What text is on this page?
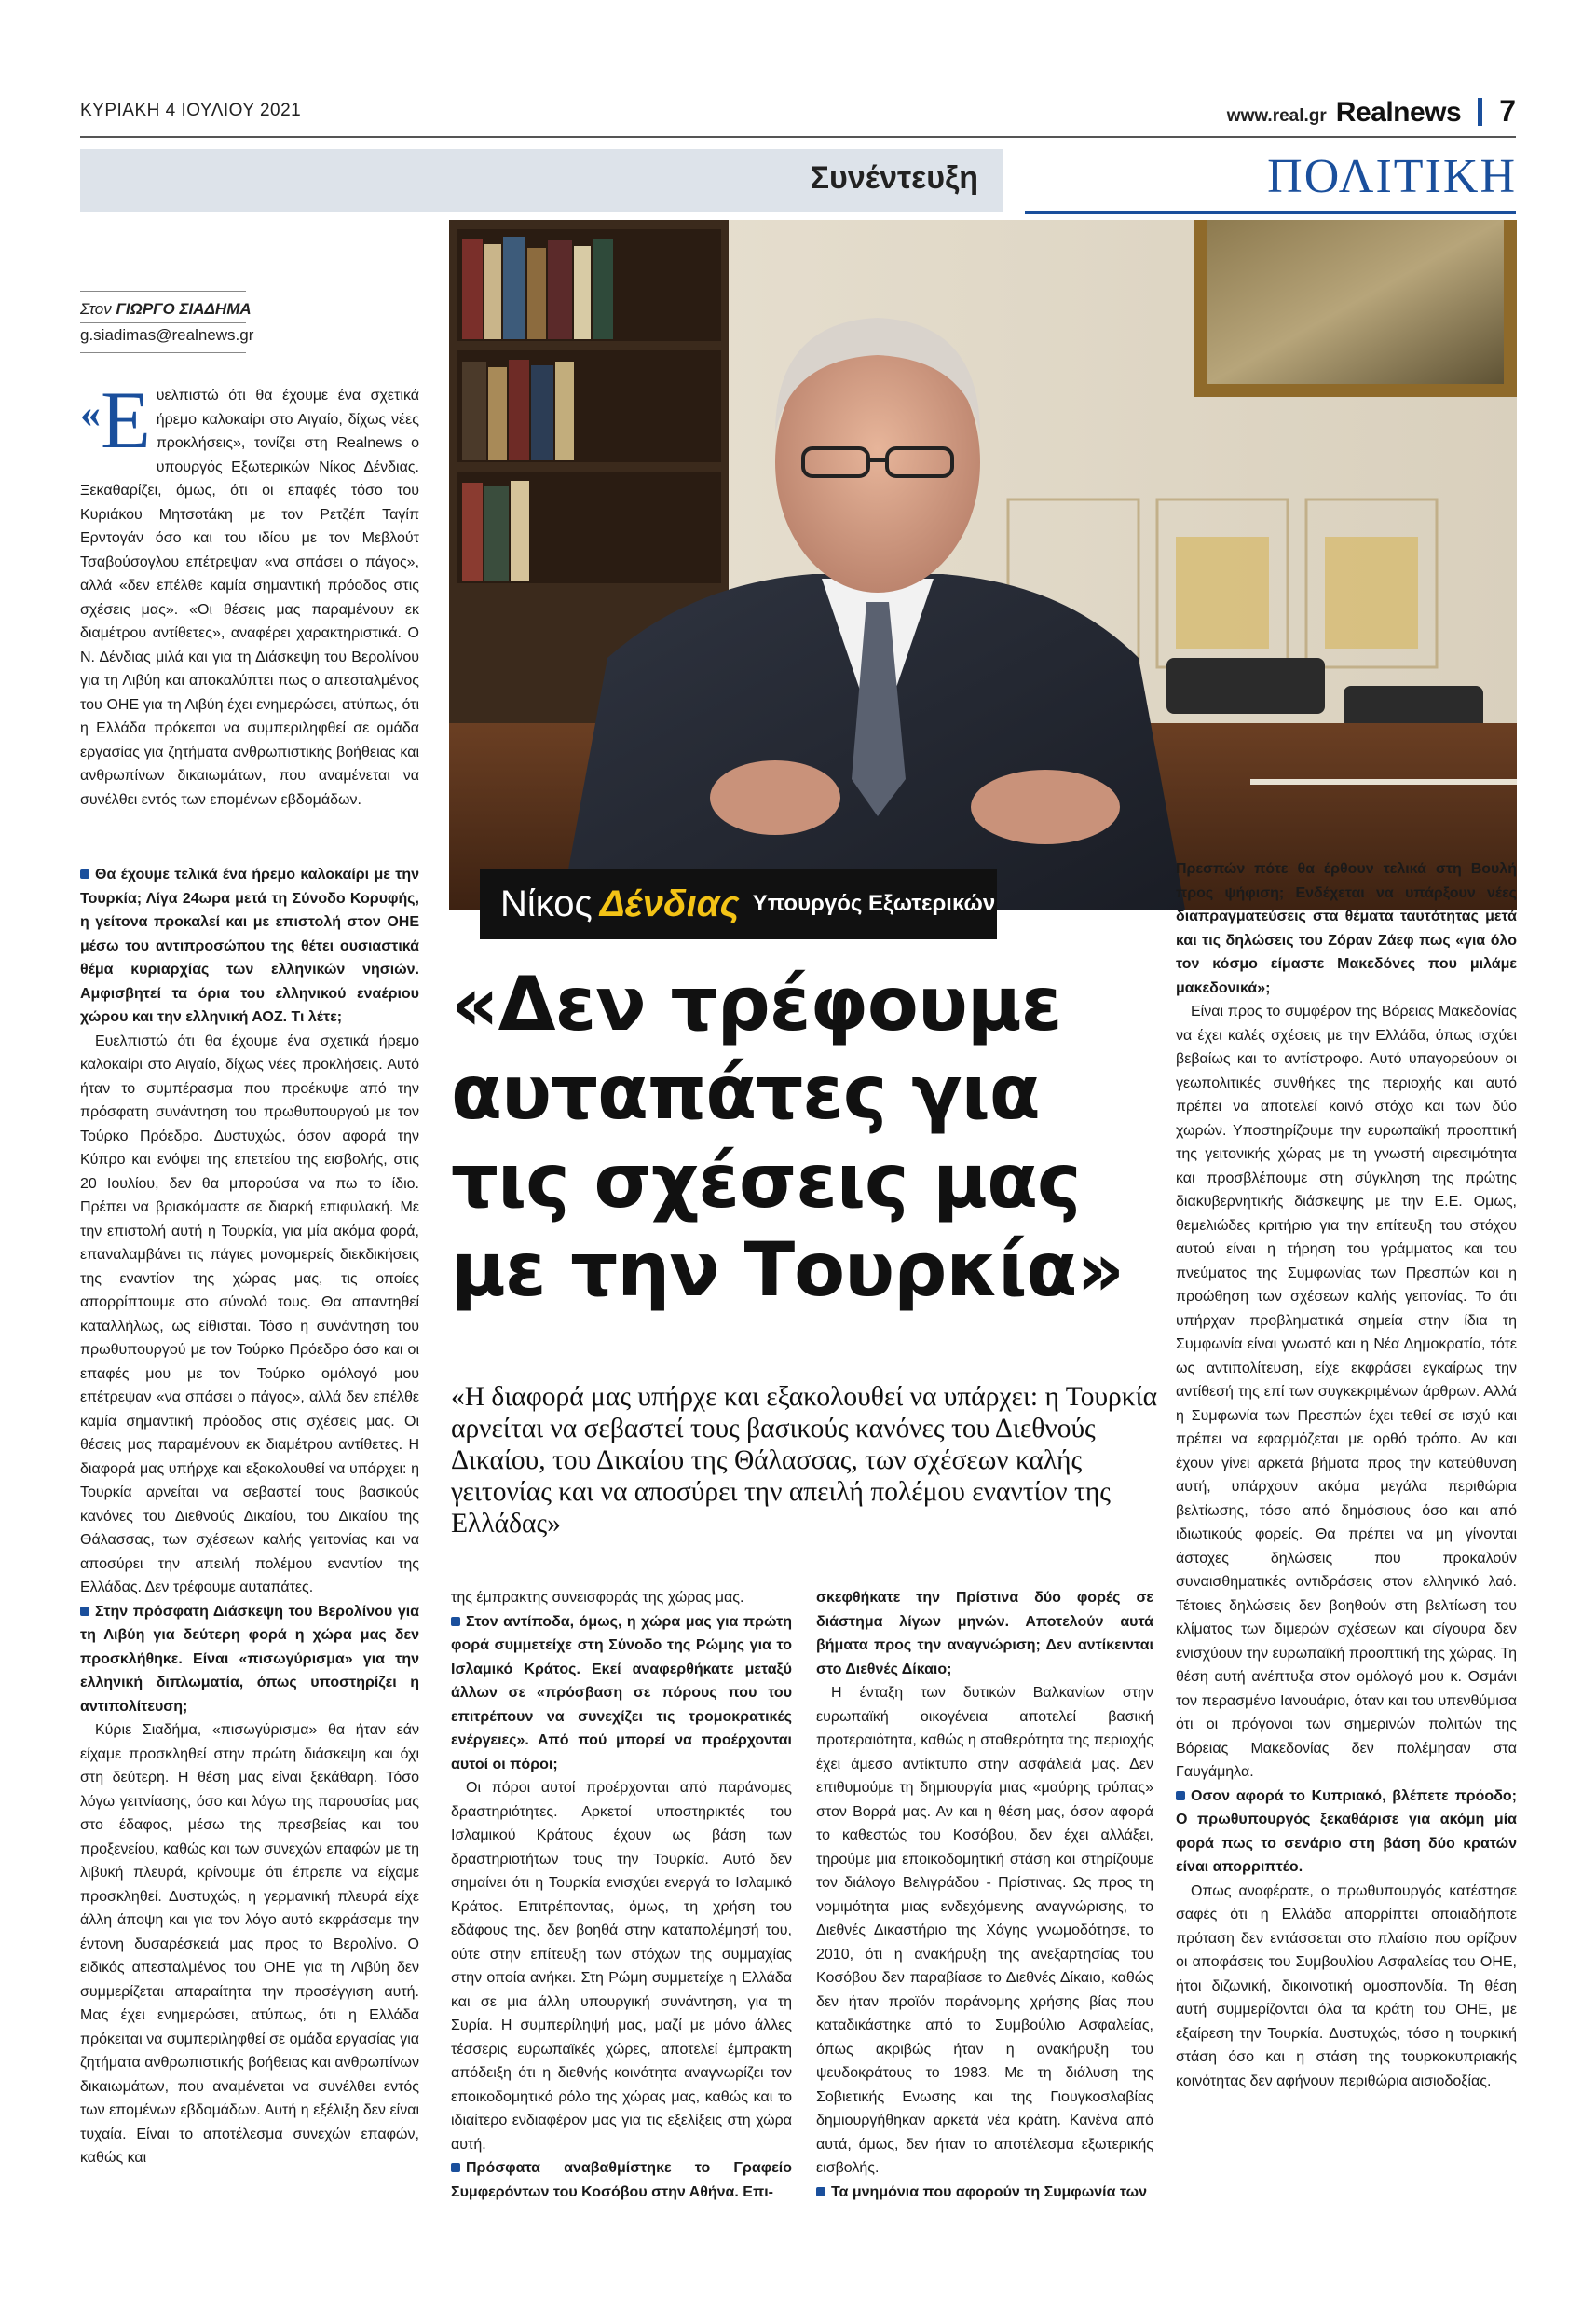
ΚΥΡΙΑΚΗ 4 ΙΟΥΛΙΟΥ 2021	www.real.gr Realnews 7
Συνέντευξη	ΠΟΛΙΤΙΚΗ
Στον ΓΙΩΡΓΟ ΣΙΑΔΗΜΑ
g.siadimas@realnews.gr
Νίκος Δένδιας Υπουργός Εξωτερικών
«Δεν τρέφουμε
αυταπάτες για
τις σχέσεις μας
με την Τουρκία»
«Η διαφορά μας υπήρχε και εξακολουθεί να υπάρχει: η Τουρκία αρνείται να σεβαστεί τους βασικούς κανόνες του Διεθνούς Δικαίου, του Δικαίου της Θάλασσας, των σχέσεων καλής γειτονίας και να αποσύρει την απειλή πολέμου εναντίον της Ελλάδας»

« Ε υελπιστώ ότι θα έχουμε ένα σχετικά ήρεμο καλοκαίρι στο Αιγαίο, δίχως νέες προκλήσεις», τονίζει στη Realnews ο υπουργός Εξωτερικών Νίκος Δένδιας. Ξεκαθαρίζει, όμως, ότι οι επαφές τόσο του Κυριάκου Μητσοτάκη με τον Ρετζέπ Ταγίπ Ερντογάν όσο και του ιδίου με τον Μεβλούτ Τσαβούσογλου επέτρεψαν «να σπάσει ο πάγος», αλλά «δεν επέλθε καμία σημαντική πρόοδος στις σχέσεις μας». «Οι θέσεις μας παραμένουν εκ διαμέτρου αντίθετες», αναφέρει χαρακτηριστικά. Ο Ν. Δένδιας μιλά και για τη Διάσκεψη του Βερολίνου για τη Λιβύη και αποκαλύπτει πως ο απεσταλμένος του ΟΗΕ για τη Λιβύη έχει ενημερώσει, ατύπως, ότι η Ελλάδα πρόκειται να συμπεριληφθεί σε ομάδα εργασίας για ζητήματα ανθρωπιστικής βοήθειας και ανθρωπίνων δικαιωμάτων, που αναμένεται να συνέλθει εντός των επομένων εβδομάδων.

Θα έχουμε τελικά ένα ήρεμο καλοκαίρι με την Τουρκία; Λίγα 24ωρα μετά τη Σύνοδο Κορυφής, η γείτονα προκαλεί και με επιστολή στον ΟΗΕ μέσω του αντιπροσώπου της θέτει ουσιαστικά θέμα κυριαρχίας των ελληνικών νησιών. Αμφισβητεί τα όρια του ελληνικού εναέριου χώρου και την ελληνική ΑΟΖ. Τι λέτε;

Ευελπιστώ ότι θα έχουμε ένα σχετικά ήρεμο καλοκαίρι στο Αιγαίο, δίχως νέες προκλήσεις. Αυτό ήταν το συμπέρασμα που προέκυψε από την πρόσφατη συνάντηση του πρωθυπουργού με τον Τούρκο Πρόεδρο. Δυστυχώς, όσον αφορά την Κύπρο και ενόψει της επετείου της εισβολής, στις 20 Ιουλίου, δεν θα μπορούσα να πω το ίδιο. Πρέπει να βρισκόμαστε σε διαρκή επιφυλακή. Με την επιστολή αυτή η Τουρκία, για μία ακόμα φορά, επαναλαμβάνει τις πάγιες μονομερείς διεκδικήσεις της εναντίον της χώρας μας, τις οποίες απορρίπτουμε στο σύνολό τους. Θα απαντηθεί καταλλήλως, ως είθισται. Τόσο η συνάντηση του πρωθυπουργού με τον Τούρκο Πρόεδρο όσο και οι επαφές μου με τον Τούρκο ομόλογό μου επέτρεψαν «να σπάσει ο πάγος», αλλά δεν επέλθε καμία σημαντική πρόοδος στις σχέσεις μας. Οι θέσεις μας παραμένουν εκ διαμέτρου αντίθετες. Η διαφορά μας υπήρχε και εξακολουθεί να υπάρχει: η Τουρκία αρνείται να σεβαστεί τους βασικούς κανόνες του Διεθνούς Δικαίου, του Δικαίου της Θάλασσας, των σχέσεων καλής γειτονίας και να αποσύρει την απειλή πολέμου εναντίον της Ελλάδας. Δεν τρέφουμε αυταπάτες.

Στην πρόσφατη Διάσκεψη του Βερολίνου για τη Λιβύη για δεύτερη φορά η χώρα μας δεν προσκλήθηκε. Είναι «πισωγύρισμα» για την ελληνική διπλωματία, όπως υποστηρίζει η αντιπολίτευση;

Κύριε Σιαδήμα, «πισωγύρισμα» θα ήταν εάν είχαμε προσκληθεί στην πρώτη διάσκεψη και όχι στη δεύτερη. Η θέση μας είναι ξεκάθαρη. Τόσο λόγω γειτνίασης, όσο και λόγω της παρουσίας μας στο έδαφος, μέσω της πρεσβείας και του προξενείου, καθώς και των συνεχών επαφών με τη λιβυκή πλευρά, κρίνουμε ότι έπρεπε να είχαμε προσκληθεί. Δυστυχώς, η γερμανική πλευρά είχε άλλη άποψη και για τον λόγο αυτό εκφράσαμε την έντονη δυσαρέσκειά μας προς το Βερολίνο. Ο ειδικός απεσταλμένος του ΟΗΕ για τη Λιβύη δεν συμμερίζεται απαραίτητα την προσέγγιση αυτή. Μας έχει ενημερώσει, ατύπως, ότι η Ελλάδα πρόκειται να συμπεριληφθεί σε ομάδα εργασίας για ζητήματα ανθρωπιστικής βοήθειας και ανθρωπίνων δικαιωμάτων, που αναμένεται να συνέλθει εντός των επομένων εβδομάδων. Αυτή η εξέλιξη δεν είναι τυχαία. Είναι το αποτέλεσμα συνεχών επαφών, καθώς και

της έμπρακτης συνεισφοράς της χώρας μας.

Στον αντίποδα, όμως, η χώρα μας για πρώτη φορά συμμετείχε στη Σύνοδο της Ρώμης για το Ισλαμικό Κράτος. Εκεί αναφερθήκατε μεταξύ άλλων σε «πρόσβαση σε πόρους που του επιτρέπουν να συνεχίζει τις τρομοκρατικές ενέργειες». Από πού μπορεί να προέρχονται αυτοί οι πόροι;

Οι πόροι αυτοί προέρχονται από παράνομες δραστηριότητες. Αρκετοί υποστηρικτές του Ισλαμικού Κράτους έχουν ως βάση των δραστηριοτήτων τους την Τουρκία. Αυτό δεν σημαίνει ότι η Τουρκία ενισχύει ενεργά το Ισλαμικό Κράτος. Επιτρέποντας, όμως, τη χρήση του εδάφους της, δεν βοηθά στην καταπολέμησή του, ούτε στην επίτευξη των στόχων της συμμαχίας στην οποία ανήκει. Στη Ρώμη συμμετείχε η Ελλάδα και σε μια άλλη υπουργική συνάντηση, για τη Συρία. Η συμπερίληψή μας, μαζί με μόνο άλλες τέσσερις ευρωπαϊκές χώρες, αποτελεί έμπρακτη απόδειξη ότι η διεθνής κοινότητα αναγνωρίζει τον εποικοδομητικό ρόλο της χώρας μας, καθώς και το ιδιαίτερο ενδιαφέρον μας για τις εξελίξεις στη χώρα αυτή.

Πρόσφατα αναβαθμίστηκε το Γραφείο Συμφερόντων του Κοσόβου στην Αθήνα. Επι-

σκεφθήκατε την Πρίστινα δύο φορές σε διάστημα λίγων μηνών. Αποτελούν αυτά βήματα προς την αναγνώριση; Δεν αντίκεινται στο Διεθνές Δίκαιο;

Η ένταξη των δυτικών Βαλκανίων στην ευρωπαϊκή οικογένεια αποτελεί βασική προτεραιότητα, καθώς η σταθερότητα της περιοχής έχει άμεσο αντίκτυπο στην ασφάλειά μας. Δεν επιθυμούμε τη δημιουργία μιας «μαύρης τρύπας» στον Βορρά μας. Αν και η θέση μας, όσον αφορά το καθεστώς του Κοσόβου, δεν έχει αλλάξει, τηρούμε μια εποικοδομητική στάση και στηρίζουμε τον διάλογο Βελιγράδου - Πρίστινας. Ως προς τη νομιμότητα μιας ενδεχόμενης αναγνώρισης, το Διεθνές Δικαστήριο της Χάγης γνωμοδότησε, το 2010, ότι η ανακήρυξη της ανεξαρτησίας του Κοσόβου δεν παραβίασε το Διεθνές Δίκαιο, καθώς δεν ήταν προϊόν παράνομης χρήσης βίας που καταδικάστηκε από το Συμβούλιο Ασφαλείας, όπως ακριβώς ήταν η ανακήρυξη του ψευδοκράτους το 1983. Με τη διάλυση της Σοβιετικής Ενωσης και της Γιουγκοσλαβίας δημιουργήθηκαν αρκετά νέα κράτη. Κανένα από αυτά, όμως, δεν ήταν το αποτέλεσμα εξωτερικής εισβολής.

Τα μνημόνια που αφορούν τη Συμφωνία των

Πρεσπών πότε θα έρθουν τελικά στη Βουλή προς ψήφιση; Ενδέχεται να υπάρξουν νέες διαπραγματεύσεις στα θέματα ταυτότητας μετά και τις δηλώσεις του Ζόραν Ζάεφ πως «για όλο τον κόσμο είμαστε Μακεδόνες που μιλάμε μακεδονικά»;

Είναι προς το συμφέρον της Βόρειας Μακεδονίας να έχει καλές σχέσεις με την Ελλάδα, όπως ισχύει βεβαίως και το αντίστροφο. Αυτό υπαγορεύουν οι γεωπολιτικές συνθήκες της περιοχής και αυτό πρέπει να αποτελεί κοινό στόχο και των δύο χωρών. Υποστηρίζουμε την ευρωπαϊκή προοπτική της γειτονικής χώρας με τη γνωστή αιρεσιμότητα και προσβλέπουμε στη σύγκληση της πρώτης διακυβερνητικής διάσκεψης με την Ε.Ε. Ομως, θεμελιώδες κριτήριο για την επίτευξη του στόχου αυτού είναι η τήρηση του γράμματος και του πνεύματος της Συμφωνίας των Πρεσπών και η προώθηση των σχέσεων καλής γειτονίας. Το ότι υπήρχαν προβληματικά σημεία στην ίδια τη Συμφωνία είναι γνωστό και η Νέα Δημοκρατία, τότε ως αντιπολίτευση, είχε εκφράσει εγκαίρως την αντίθεσή της επί των συγκεκριμένων άρθρων. Αλλά η Συμφωνία των Πρεσπών έχει τεθεί σε ισχύ και πρέπει να εφαρμόζεται με ορθό τρόπο. Αν και έχουν γίνει αρκετά βήματα προς την κατεύθυνση αυτή, υπάρχουν ακόμα μεγάλα περιθώρια βελτίωσης, τόσο από δημόσιους όσο και από ιδιωτικούς φορείς. Θα πρέπει να μη γίνονται άστοχες δηλώσεις που προκαλούν συναισθηματικές αντιδράσεις στον ελληνικό λαό. Τέτοιες δηλώσεις δεν βοηθούν στη βελτίωση του κλίματος των διμερών σχέσεων και σίγουρα δεν ενισχύουν την ευρωπαϊκή προοπτική της χώρας. Τη θέση αυτή ανέπτυξα στον ομόλογό μου κ. Οσμάνι τον περασμένο Ιανουάριο, όταν και του υπενθύμισα ότι οι πρόγονοι των σημερινών πολιτών της Βόρειας Μακεδονίας δεν πολέμησαν στα Γαυγάμηλα.

Οσον αφορά το Κυπριακό, βλέπετε πρόοδο; Ο πρωθυπουργός ξεκαθάρισε για ακόμη μία φορά πως το σενάριο στη βάση δύο κρατών είναι απορριπτέο.

Οπως αναφέρατε, ο πρωθυπουργός κατέστησε σαφές ότι η Ελλάδα απορρίπτει οποιαδήποτε πρόταση δεν εντάσσεται στο πλαίσιο που ορίζουν οι αποφάσεις του Συμβουλίου Ασφαλείας του ΟΗΕ, ήτοι διζωνική, δικοινοτική ομοσπονδία. Τη θέση αυτή συμμερίζονται όλα τα κράτη του ΟΗΕ, με εξαίρεση την Τουρκία. Δυστυχώς, τόσο η τουρκική στάση όσο και η στάση της τουρκοκυπριακής κοινότητας δεν αφήνουν περιθώρια αισιοδοξίας.
